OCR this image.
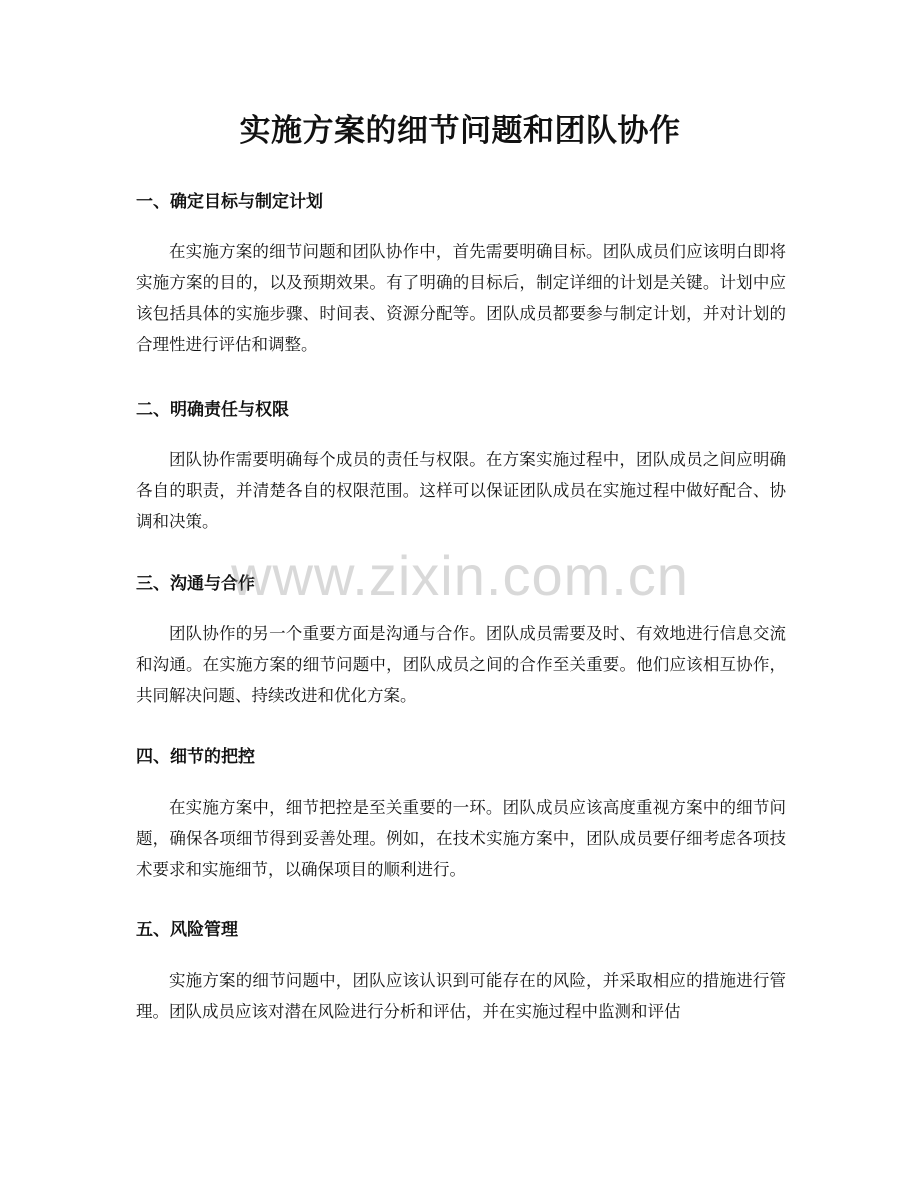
实施方案的细节问题和团队协作
一、确定目标与制定计划

在实施方案的细节问题和团队协作中，首先需要明确目标。团队成员们应该明白即将实施方案的目的，以及预期效果。有了明确的目标后，制定详细的计划是关键。计划中应该包括具体的实施步骤、时间表、资源分配等。团队成员都要参与制定计划，并对计划的合理性进行评估和调整。

二、明确责任与权限

团队协作需要明确每个成员的责任与权限。在方案实施过程中，团队成员之间应明确各自的职责，并清楚各自的权限范围。这样可以保证团队成员在实施过程中做好配合、协调和决策。

三、沟通与合作

团队协作的另一个重要方面是沟通与合作。团队成员需要及时、有效地进行信息交流和沟通。在实施方案的细节问题中，团队成员之间的合作至关重要。他们应该相互协作，共同解决问题、持续改进和优化方案。

四、细节的把控

在实施方案中，细节把控是至关重要的一环。团队成员应该高度重视方案中的细节问题，确保各项细节得到妥善处理。例如，在技术实施方案中，团队成员要仔细考虑各项技术要求和实施细节，以确保项目的顺利进行。

五、风险管理

实施方案的细节问题中，团队应该认识到可能存在的风险，并采取相应的措施进行管理。团队成员应该对潜在风险进行分析和评估，并在实施过程中监测和评估

www.zixin.com.cn
